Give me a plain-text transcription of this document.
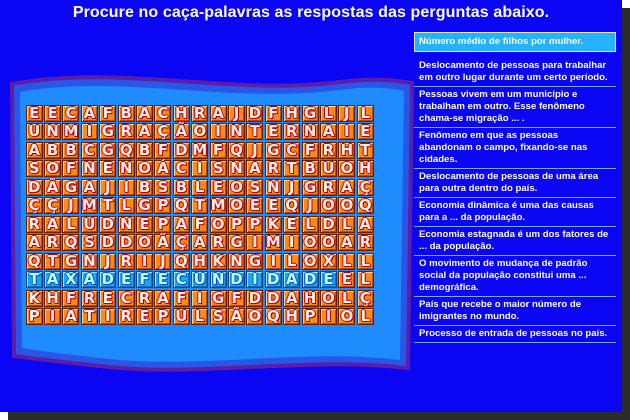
Procure no caça-palavras as respostas das perguntas abaixo.
E E C A F B A C H R A J D F H G L J L
U N M I G R A Ç Ã O I N T E R N A I E
A B B C G Q B F D M F Q J G C F R H T
S O F N E N O Á C I S N A R T B U O H
D Ã G A J I B S B L E O S N J G R A Ç
Ç Ç J M T L G P Q T M O E E Q J O O Q
R A L U D N E P A F O P P K E L D L A
A R Q S D D O Ã Ç A R G I M I O O A R
Q T G N J R I J Q H K N G I L O X L L
T A X A D E F E C U N D I D A D E E L
K H F R E C R A F I G F D D A H O L Ç
P I A T I R E P U L S Ã O Q H P I O L
Número médio de filhos por mulher.
Deslocamento de pessoas para trabalhar em outro lugar durante um certo período.
Pessoas vivem em um município e trabalham em outro. Esse fenômeno chama-se migração ... .
Fenômeno em que as pessoas abandonam o campo, fixando-se nas cidades.
Deslocamento de pessoas de uma área para outra dentro do país.
Economia dinâmica é uma das causas para a ... da população.
Economia estagnada é um dos fatores de ... da população.
O movimento de mudança de padrão social da população constitui uma ... demográfica.
País que recebe o maior número de imigrantes no mundo.
Processo de entrada de pessoas no país.
